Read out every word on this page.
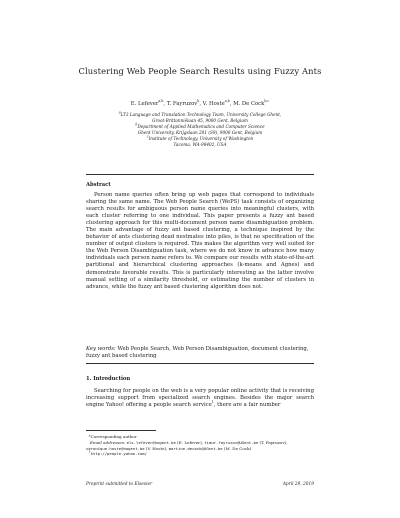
Clustering Web People Search Results using Fuzzy Ants
E. Lefever$^{a,b}$, T. Fayruzov$^b$, V. Hoste$^{a,b}$, M. De Cock$^{b,c}$
$^a$LT3 Language and Translation Technology Team, University College Ghent,
Groot-Brittanniëlaan 45, 9000 Gent, Belgium
$^b$Department of Applied Mathematics and Computer Science
Ghent University, Krijgslaan 281 (S9), 9000 Gent, Belgium
$^c$Institute of Technology, University of Washington
Tacoma, WA-98402, USA
Abstract

Person name queries often bring up web pages that correspond to individuals sharing the same name. The Web People Search (WePS) task consists of organizing search results for ambiguous person name queries into meaningful clusters, with each cluster referring to one individual. This paper presents a fuzzy ant based clustering approach for this multi-document person name disambiguation problem. The main advantage of fuzzy ant based clustering, a technique inspired by the behavior of ants clustering dead nestmates into piles, is that no specification of the number of output clusters is required. This makes the algorithm very well suited for the Web Person Disambiguation task, where we do not know in advance how many individuals each person name refers to. We compare our results with state-of-the-art partitional and hierarchical clustering approaches (k-means and Agnes) and demonstrate favorable results. This is particularly interesting as the latter involve manual setting of a similarity threshold, or estimating the number of clusters in advance, while the fuzzy ant based clustering algorithm does not.

Key words: Web People Search, Web Person Disambiguation, document clustering, fuzzy ant based clustering
1. Introduction

Searching for people on the web is a very popular online activity that is receiving increasing support from specialized search engines. Besides the major search engine Yahoo! offering a people search service$^1$, there are a fair number

*Corresponding author
Email addresses: els.lefever@hogent.be (E. Lefever), timur.fayruzov@UGent.be (T. Fayruzov), veronique.hoste@hogent.be (V. Hoste), martine.decock@UGent.be (M. De Cock)
$^1$http://people.yahoo.com/
Preprint submitted to Elsevier	April 29, 2019
